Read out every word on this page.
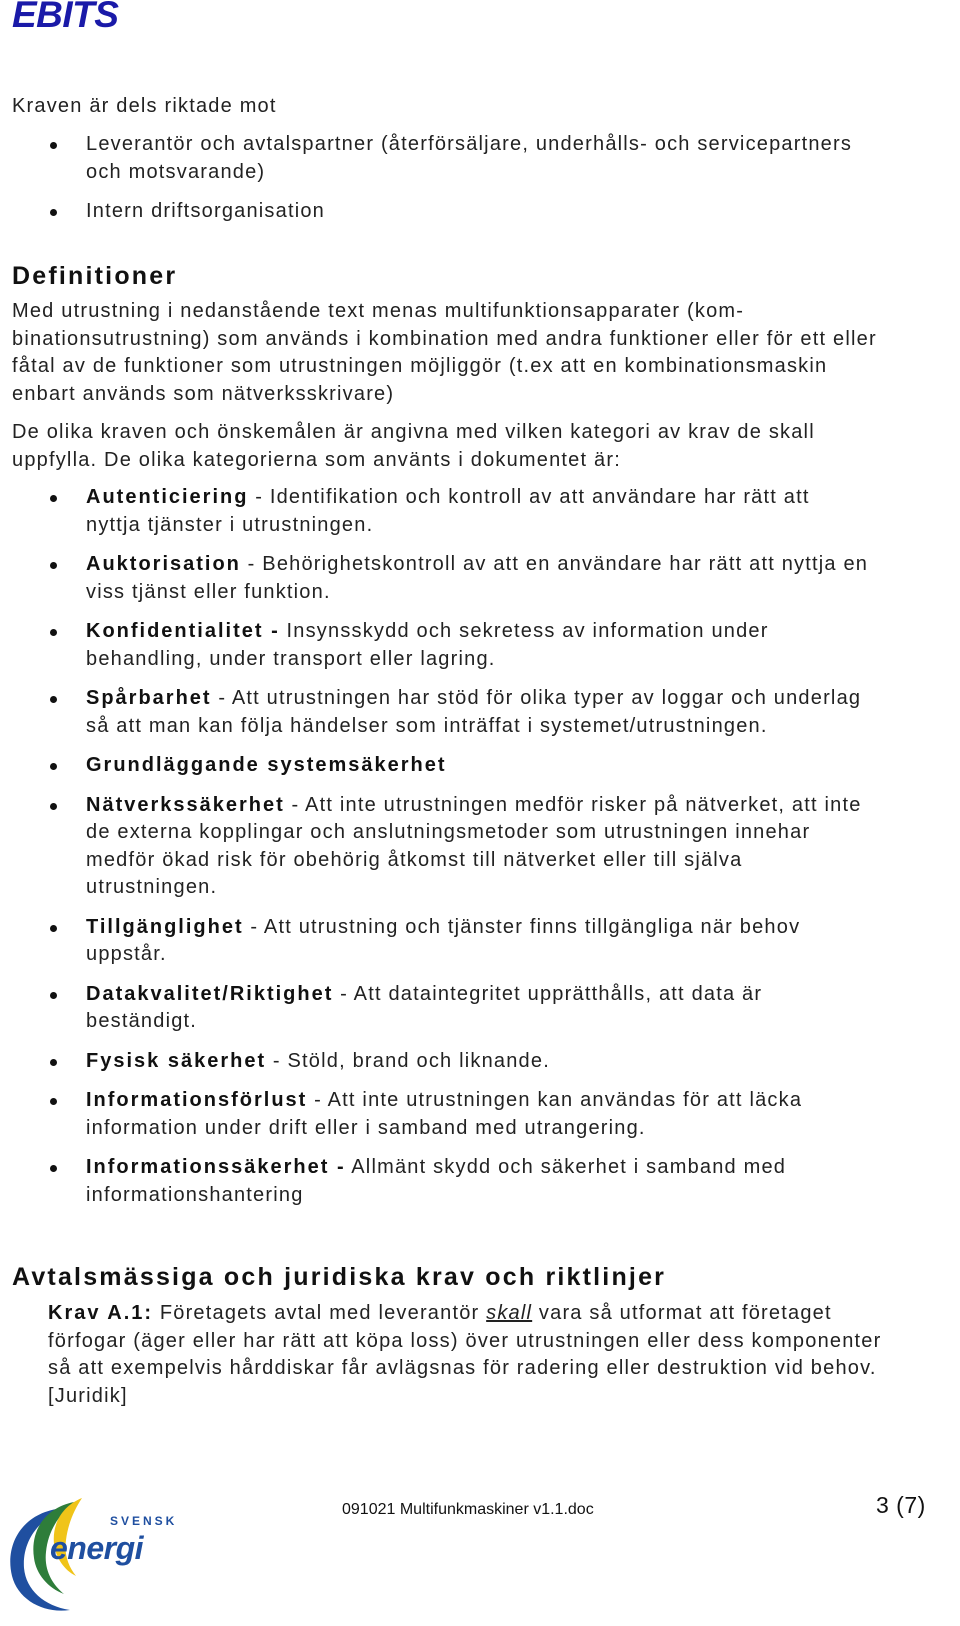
EBITS

Kraven är dels riktade mot

Leverantör och avtalspartner (återförsäljare, underhålls- och servicepartners och motsvarande)
Intern driftsorganisation
Definitioner

Med utrustning i nedanstående text menas multifunktionsapparater (kombinationsutrustning) som används i kombination med andra funktioner eller för ett eller fåtal av de funktioner som utrustningen möjliggör (t.ex att en kombinationsmaskin enbart används som nätverksskrivare)

De olika kraven och önskemålen är angivna med vilken kategori av krav de skall uppfylla. De olika kategorierna som använts i dokumentet är:

Autenticiering - Identifikation och kontroll av att användare har rätt att nyttja tjänster i utrustningen.
Auktorisation - Behörighetskontroll av att en användare har rätt att nyttja en viss tjänst eller funktion.
Konfidentialitet - Insynsskydd och sekretess av information under behandling, under transport eller lagring.
Spårbarhet - Att utrustningen har stöd för olika typer av loggar och underlag så att man kan följa händelser som inträffat i systemet/utrustningen.
Grundläggande systemsäkerhet
Nätverkssäkerhet - Att inte utrustningen medför risker på nätverket, att inte de externa kopplingar och anslutningsmetoder som utrustningen innehar medför ökad risk för obehörig åtkomst till nätverket eller till själva utrustningen.
Tillgänglighet - Att utrustning och tjänster finns tillgängliga när behov uppstår.
Datakvalitet/Riktighet - Att dataintegritet upprätthålls, att data är beständigt.
Fysisk säkerhet - Stöld, brand och liknande.
Informationsförlust - Att inte utrustningen kan användas för att läcka information under drift eller i samband med utrangering.
Informationssäkerhet - Allmänt skydd och säkerhet i samband med informationshantering
Avtalsmässiga och juridiska krav och riktlinjer

Krav A.1: Företagets avtal med leverantör skall vara så utformat att företaget förfogar (äger eller har rätt att köpa loss) över utrustningen eller dess komponenter så att exempelvis hårddiskar får avlägsnas för radering eller destruktion vid behov. [Juridik]

SVENSK
energi
091021 Multifunkmaskiner v1.1.doc	3 (7)
